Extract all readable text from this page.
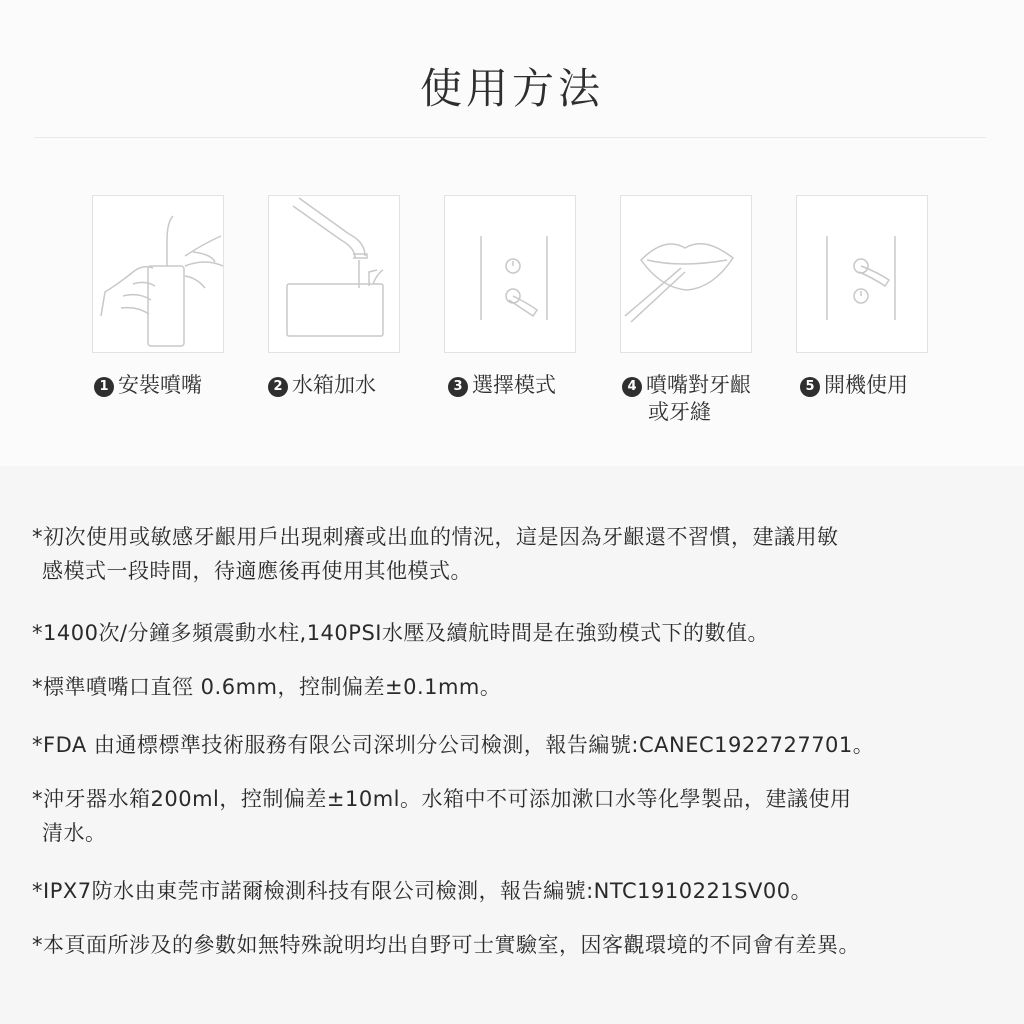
使用方法
1 安裝噴嘴	2 水箱加水	3 選擇模式	4 噴嘴對牙齦
或牙縫
5 開機使用
*初次使用或敏感牙齦用戶出現刺癢或出血的情況，這是因為牙齦還不習慣，建議用敏
感模式一段時間，待適應後再使用其他模式。
*1400次/分鐘多頻震動水柱,140PSI水壓及續航時間是在強勁模式下的數值。
*標準噴嘴口直徑 0.6mm，控制偏差±0.1mm。
*FDA 由通標標準技術服務有限公司深圳分公司檢測，報告編號:CANEC1922727701。
*沖牙器水箱200ml，控制偏差±10ml。水箱中不可添加漱口水等化學製品，建議使用
清水。
*IPX7防水由東莞市諾爾檢測科技有限公司檢測，報告編號:NTC1910221SV00。
*本頁面所涉及的參數如無特殊說明均出自野可士實驗室，因客觀環境的不同會有差異。
